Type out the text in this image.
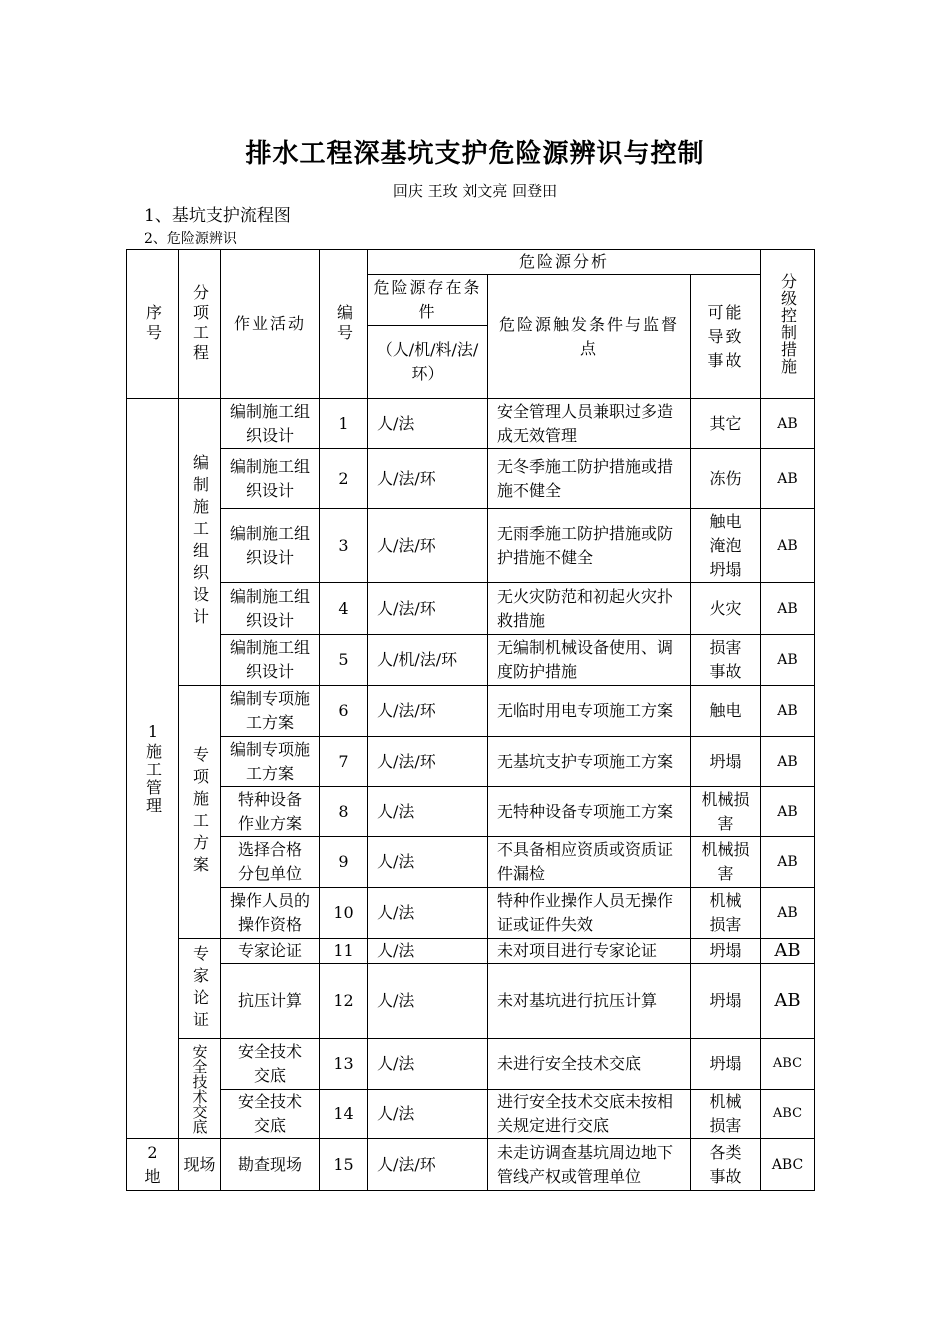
排水工程深基坑支护危险源辨识与控制
回庆 王玫 刘文亮 回登田
1、基坑支护流程图
2、危险源辨识
序号	分项工程	作业活动	编号	危险源分析			分级控制措施

				危险源存在条件	危险源触发条件与监督点	可能导致事故	
				（人/机/料/法/环）			

1施工管理	编制施工组织设计	编制施工组织设计	1	人/法	安全管理人员兼职过多造成无效管理	其它	AB
		编制施工组织设计	2	人/法/环	无冬季施工防护措施或措施不健全	冻伤	AB
		编制施工组织设计	3	人/法/环	无雨季施工防护措施或防护措施不健全	触电淹泡坍塌	AB
		编制施工组织设计	4	人/法/环	无火灾防范和初起火灾扑救措施	火灾	AB
		编制施工组织设计	5	人/机/法/环	无编制机械设备使用、调度防护措施	损害事故	AB

	专项施工方案	编制专项施工方案	6	人/法/环	无临时用电专项施工方案	触电	AB
		编制专项施工方案	7	人/法/环	无基坑支护专项施工方案	坍塌	AB
		特种设备作业方案	8	人/法	无特种设备专项施工方案	机械损害	AB
		选择合格分包单位	9	人/法	不具备相应资质或资质证件漏检	机械损害	AB
		操作人员的操作资格	10	人/法	特种作业操作人员无操作证或证件失效	机械损害	AB

	专家论证	专家论证	11	人/法	未对项目进行专家论证	坍塌	AB
		抗压计算	12	人/法	未对基坑进行抗压计算	坍塌	AB

	安全技术交底	安全技术交底	13	人/法	未进行安全技术交底	坍塌	ABC
		安全技术交底	14	人/法	进行安全技术交底未按相关规定进行交底	机械损害	ABC
2地	现场	勘查现场	15	人/法/环	未走访调查基坑周边地下管线产权或管理单位	各类事故	ABC
